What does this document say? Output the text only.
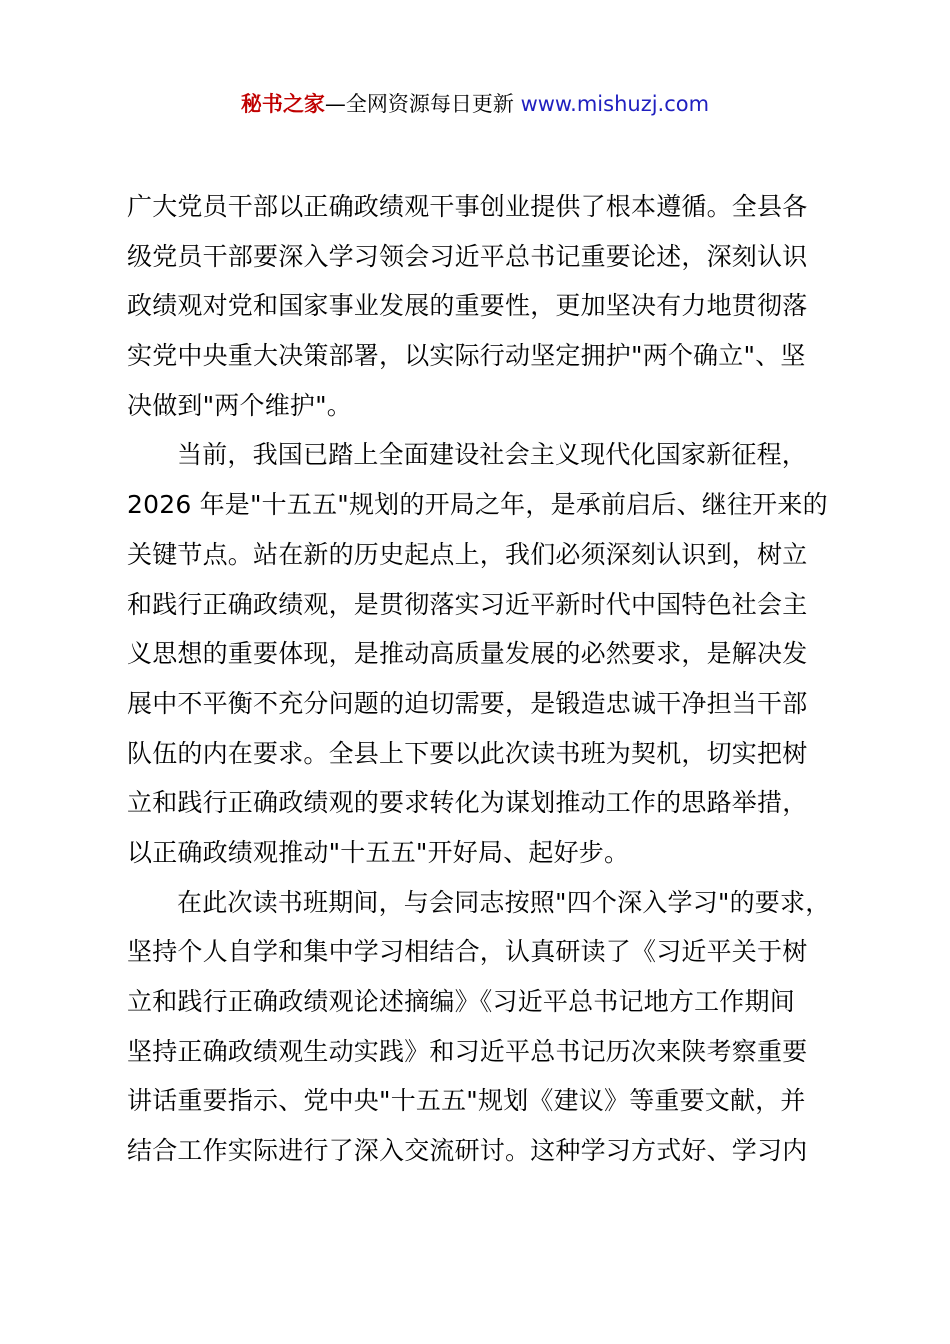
秘书之家—全网资源每日更新 www.mishuzj.com
广大党员干部以正确政绩观干事创业提供了根本遵循。全县各
级党员干部要深入学习领会习近平总书记重要论述，深刻认识
政绩观对党和国家事业发展的重要性，更加坚决有力地贯彻落
实党中央重大决策部署，以实际行动坚定拥护"两个确立"、坚
决做到"两个维护"。
当前，我国已踏上全面建设社会主义现代化国家新征程，
2026 年是"十五五"规划的开局之年，是承前启后、继往开来的
关键节点。站在新的历史起点上，我们必须深刻认识到，树立
和践行正确政绩观，是贯彻落实习近平新时代中国特色社会主
义思想的重要体现，是推动高质量发展的必然要求，是解决发
展中不平衡不充分问题的迫切需要，是锻造忠诚干净担当干部
队伍的内在要求。全县上下要以此次读书班为契机，切实把树
立和践行正确政绩观的要求转化为谋划推动工作的思路举措，
以正确政绩观推动"十五五"开好局、起好步。
在此次读书班期间，与会同志按照"四个深入学习"的要求，
坚持个人自学和集中学习相结合，认真研读了《习近平关于树
立和践行正确政绩观论述摘编》《习近平总书记地方工作期间
坚持正确政绩观生动实践》和习近平总书记历次来陕考察重要
讲话重要指示、党中央"十五五"规划《建议》等重要文献，并
结合工作实际进行了深入交流研讨。这种学习方式好、学习内
